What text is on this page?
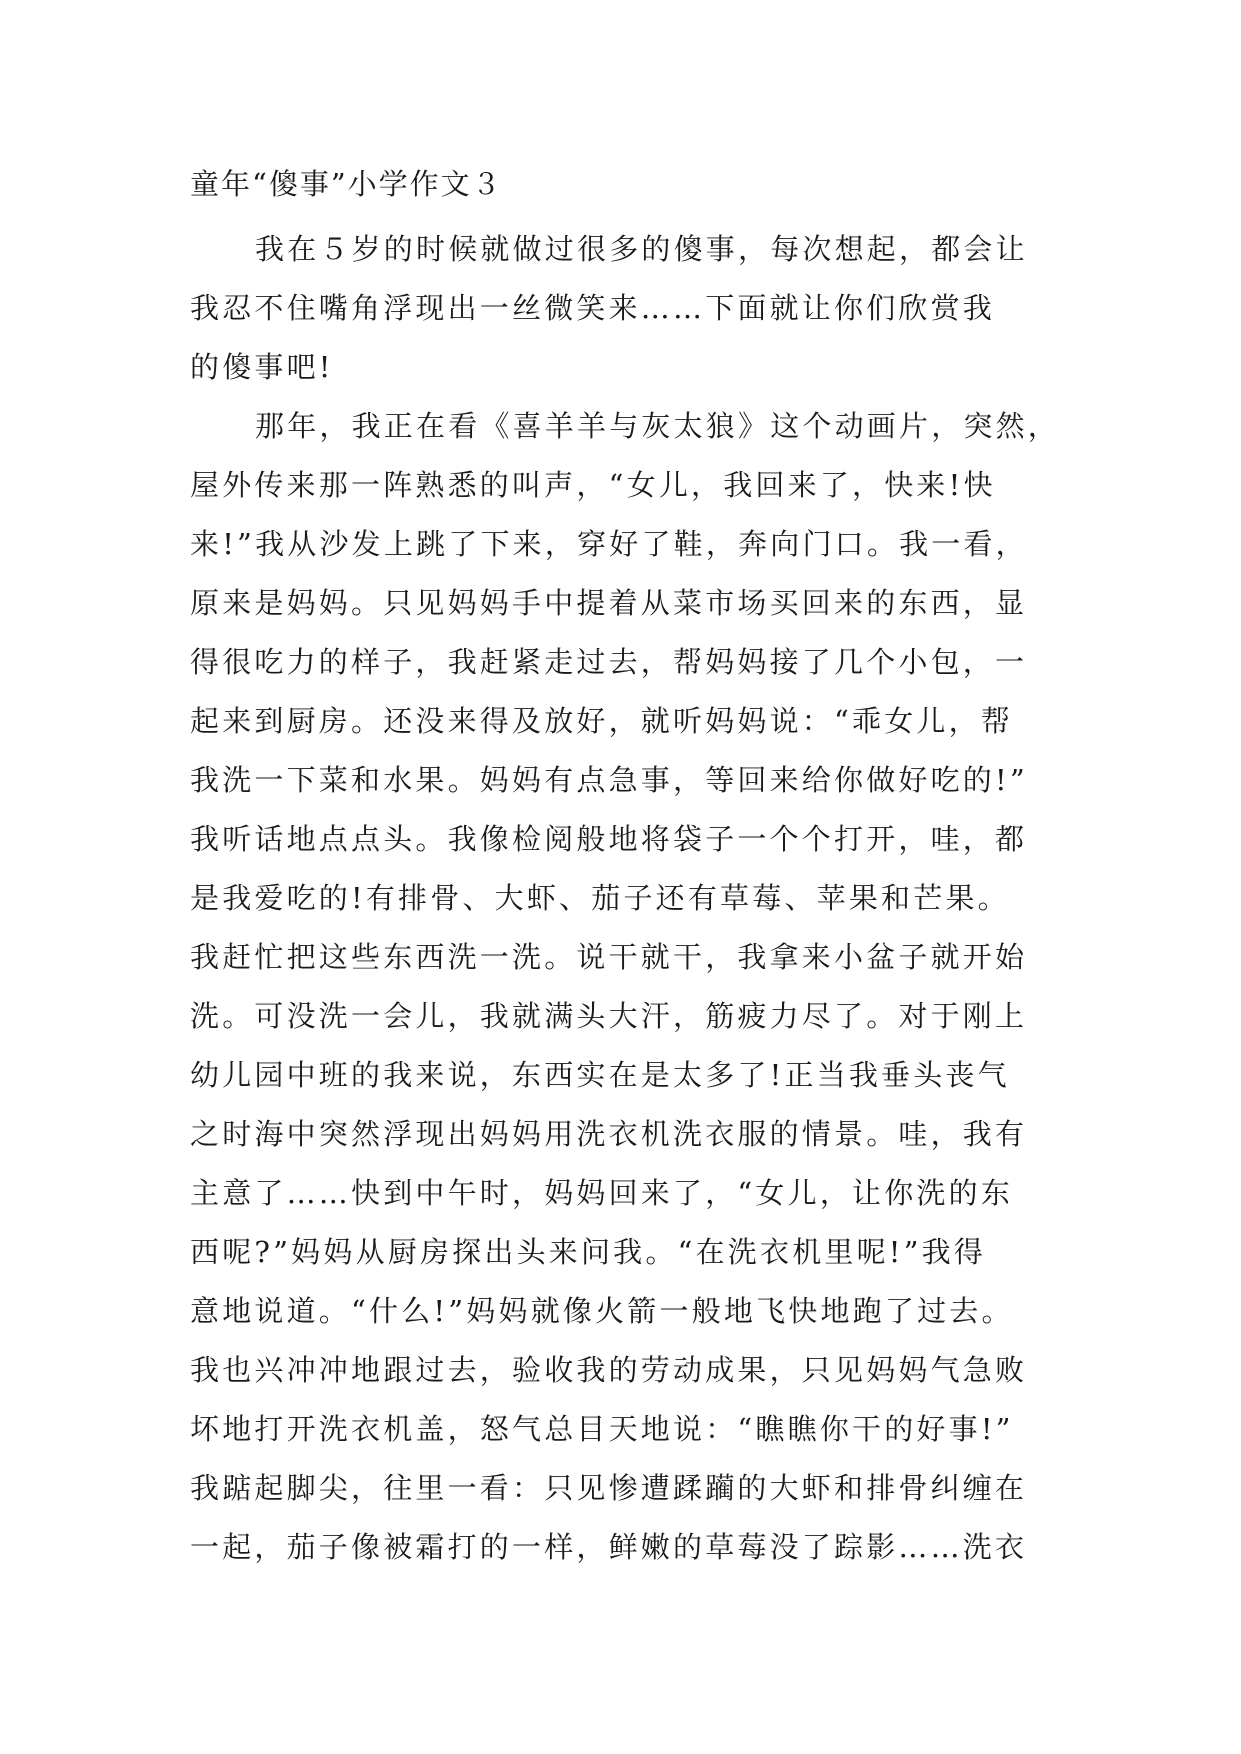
童年“傻事”小学作文３
我在５岁的时候就做过很多的傻事，每次想起，都会让
我忍不住嘴角浮现出一丝微笑来……下面就让你们欣赏我
的傻事吧!
那年，我正在看《喜羊羊与灰太狼》这个动画片，突然，
屋外传来那一阵熟悉的叫声，“女儿，我回来了，快来!快
来!”我从沙发上跳了下来，穿好了鞋，奔向门口。我一看，
原来是妈妈。只见妈妈手中提着从菜市场买回来的东西，显
得很吃力的样子，我赶紧走过去，帮妈妈接了几个小包，一
起来到厨房。还没来得及放好，就听妈妈说：“乖女儿，帮
我洗一下菜和水果。妈妈有点急事，等回来给你做好吃的!”
我听话地点点头。我像检阅般地将袋子一个个打开，哇，都
是我爱吃的!有排骨、大虾、茄子还有草莓、苹果和芒果。
我赶忙把这些东西洗一洗。说干就干，我拿来小盆子就开始
洗。可没洗一会儿，我就满头大汗，筋疲力尽了。对于刚上
幼儿园中班的我来说，东西实在是太多了!正当我垂头丧气
之时海中突然浮现出妈妈用洗衣机洗衣服的情景。哇，我有
主意了……快到中午时，妈妈回来了，“女儿，让你洗的东
西呢?”妈妈从厨房探出头来问我。“在洗衣机里呢!”我得
意地说道。“什么!”妈妈就像火箭一般地飞快地跑了过去。
我也兴冲冲地跟过去，验收我的劳动成果，只见妈妈气急败
坏地打开洗衣机盖，怒气总目天地说：“瞧瞧你干的好事!”
我踮起脚尖，往里一看：只见惨遭蹂躏的大虾和排骨纠缠在
一起，茄子像被霜打的一样，鲜嫩的草莓没了踪影……洗衣
